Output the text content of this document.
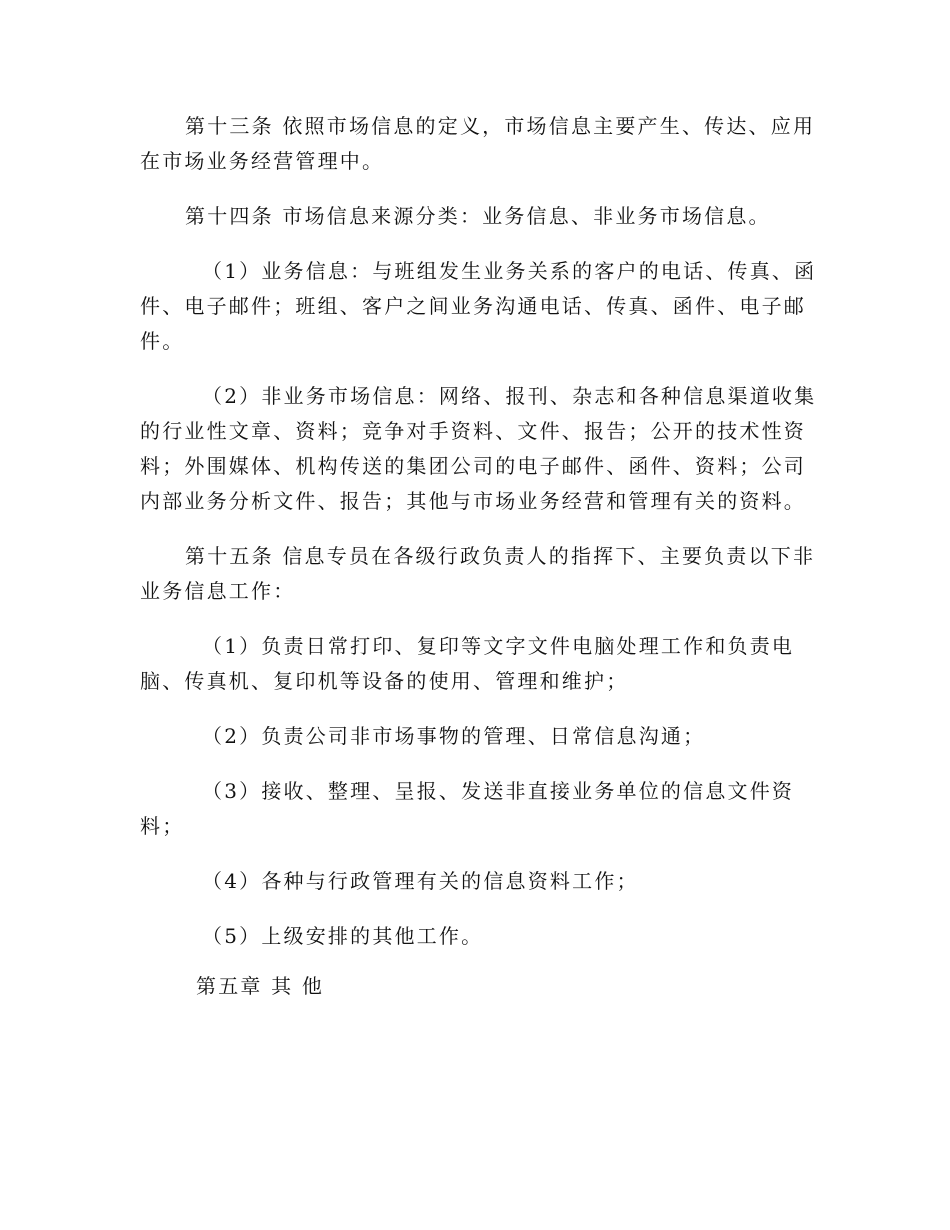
第十三条 依照市场信息的定义，市场信息主要产生、传达、应用
在市场业务经营管理中。
第十四条 市场信息来源分类：业务信息、非业务市场信息。
（1）业务信息：与班组发生业务关系的客户的电话、传真、函
件、电子邮件；班组、客户之间业务沟通电话、传真、函件、电子邮
件。
（2）非业务市场信息：网络、报刊、杂志和各种信息渠道收集
的行业性文章、资料；竞争对手资料、文件、报告；公开的技术性资
料；外围媒体、机构传送的集团公司的电子邮件、函件、资料；公司
内部业务分析文件、报告；其他与市场业务经营和管理有关的资料。
第十五条 信息专员在各级行政负责人的指挥下、主要负责以下非
业务信息工作：
（1）负责日常打印、复印等文字文件电脑处理工作和负责电
脑、传真机、复印机等设备的使用、管理和维护；
（2）负责公司非市场事物的管理、日常信息沟通；
（3）接收、整理、呈报、发送非直接业务单位的信息文件资
料；
（4）各种与行政管理有关的信息资料工作；
（5）上级安排的其他工作。
第五章 其 他
